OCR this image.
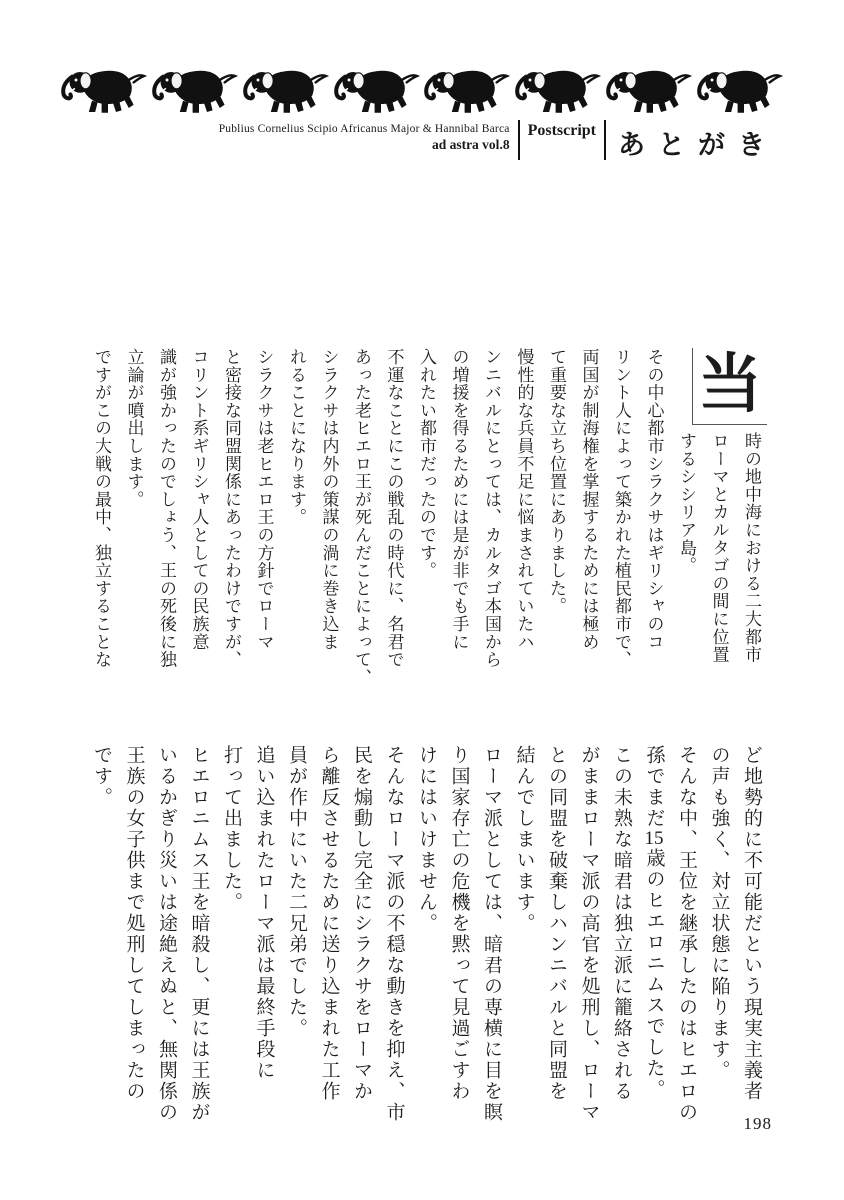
Publius Cornelius Scipio Africanus Major & Hannibal Barca
ad astra vol.8
Postscript あとがき
当

時の地中海における二大都市

ローマとカルタゴの間に位置

するシシリア島。

その中心都市シラクサはギリシャのコ

リント人によって築かれた植民都市で、

両国が制海権を掌握するためには極め

て重要な立ち位置にありました。

慢性的な兵員不足に悩まされていたハ

ンニバルにとっては、カルタゴ本国から

の増援を得るためには是が非でも手に

入れたい都市だったのです。

不運なことにこの戦乱の時代に、名君で

あった老ヒエロ王が死んだことによって、

シラクサは内外の策謀の渦に巻き込ま

れることになります。

シラクサは老ヒエロ王の方針でローマ

と密接な同盟関係にあったわけですが、

コリント系ギリシャ人としての民族意

識が強かったのでしょう、王の死後に独

立論が噴出します。

ですがこの大戦の最中、独立することな

ど地勢的に不可能だという現実主義者

の声も強く、対立状態に陥ります。

そんな中、王位を継承したのはヒエロの

孫でまだ15歳のヒエロニムスでした。

この未熟な暗君は独立派に籠絡される

がままローマ派の高官を処刑し、ローマ

との同盟を破棄しハンニバルと同盟を

結んでしまいます。

ローマ派としては、暗君の専横に目を瞑

り国家存亡の危機を黙って見過ごすわ

けにはいけません。

そんなローマ派の不穏な動きを抑え、市

民を煽動し完全にシラクサをローマか

ら離反させるために送り込まれた工作

員が作中にいた二兄弟でした。

追い込まれたローマ派は最終手段に

打って出ました。

ヒエロニムス王を暗殺し、更には王族が

いるかぎり災いは途絶えぬと、無関係の

王族の女子供まで処刑してしまったの

です。

198
